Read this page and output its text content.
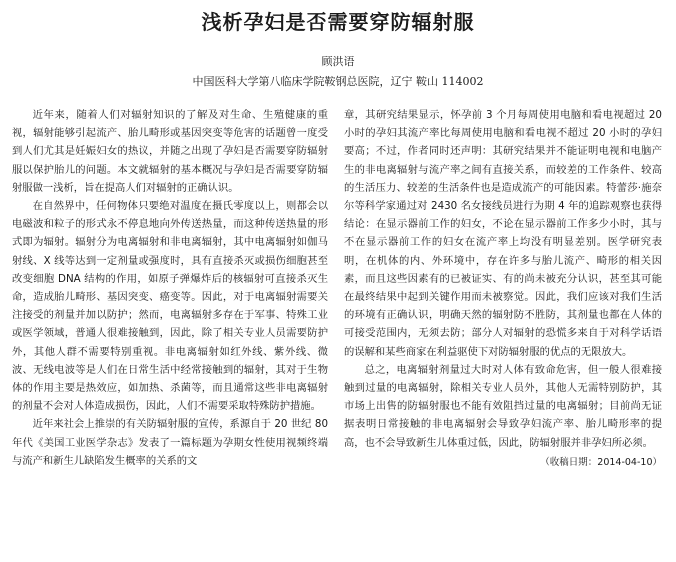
浅析孕妇是否需要穿防辐射服
顾洪语
中国医科大学第八临床学院鞍钢总医院，辽宁 鞍山 114002

近年来，随着人们对辐射知识的了解及对生命、生殖健康的重视，辐射能够引起流产、胎儿畸形或基因突变等危害的话题曾一度受到人们尤其是妊娠妇女的热议，并随之出现了孕妇是否需要穿防辐射服以保护胎儿的问题。本文就辐射的基本概况与孕妇是否需要穿防辐射服做一浅析，旨在提高人们对辐射的正确认识。

在自然界中，任何物体只要绝对温度在摄氏零度以上，则都会以电磁波和粒子的形式永不停息地向外传送热量，而这种传送热量的形式即为辐射。辐射分为电离辐射和非电离辐射，其中电离辐射如伽马射线、X 线等达到一定剂量或强度时，具有直接杀灭或损伤细胞甚至改变细胞 DNA 结构的作用，如原子弹爆炸后的核辐射可直接杀灭生命，造成胎儿畸形、基因突变、癌变等。因此，对于电离辐射需要关注接受的剂量并加以防护；然而，电离辐射多存在于军事、特殊工业或医学领域，普通人很难接触到，因此，除了相关专业人员需要防护外，其他人群不需要特别重视。非电离辐射如红外线、紫外线、微波、无线电波等是人们在日常生活中经常接触到的辐射，其对于生物体的作用主要是热效应，如加热、杀菌等，而且通常这些非电离辐射的剂量不会对人体造成损伤，因此，人们不需要采取特殊防护措施。

近年来社会上推崇的有关防辐射服的宣传，系源自于 20 世纪 80 年代《美国工业医学杂志》发表了一篇标题为孕期女性使用视频终端与流产和新生儿缺陷发生概率的关系的文

章，其研究结果显示，怀孕前 3 个月每周使用电脑和看电视超过 20 小时的孕妇其流产率比每周使用电脑和看电视不超过 20 小时的孕妇要高；不过，作者同时还声明：其研究结果并不能证明电视和电脑产生的非电离辐射与流产率之间有直接关系，而较差的工作条件、较高的生活压力、较差的生活条件也是造成流产的可能因素。特蕾莎·施奈尔等科学家通过对 2430 名女接线员进行为期 4 年的追踪观察也获得结论：在显示器前工作的妇女，不论在显示器前工作多少小时，其与不在显示器前工作的妇女在流产率上均没有明显差别。医学研究表明，在机体的内、外环境中，存在许多与胎儿流产、畸形的相关因素，而且这些因素有的已被证实、有的尚未被充分认识，甚至其可能在最终结果中起到关键作用而未被察觉。因此，我们应该对我们生活的环境有正确认识，明确天然的辐射防不胜防，其剂量也都在人体的可接受范围内，无须去防；部分人对辐射的恐慌多来自于对科学话语的误解和某些商家在利益驱使下对防辐射服的优点的无限放大。

总之，电离辐射剂量过大时对人体有致命危害，但一般人很难接触到过量的电离辐射，除相关专业人员外，其他人无需特别防护，其市场上出售的防辐射服也不能有效阻挡过量的电离辐射；目前尚无证据表明日常接触的非电离辐射会导致孕妇流产率、胎儿畸形率的提高，也不会导致新生儿体重过低，因此，防辐射服并非孕妇所必须。

（收稿日期：2014-04-10）
